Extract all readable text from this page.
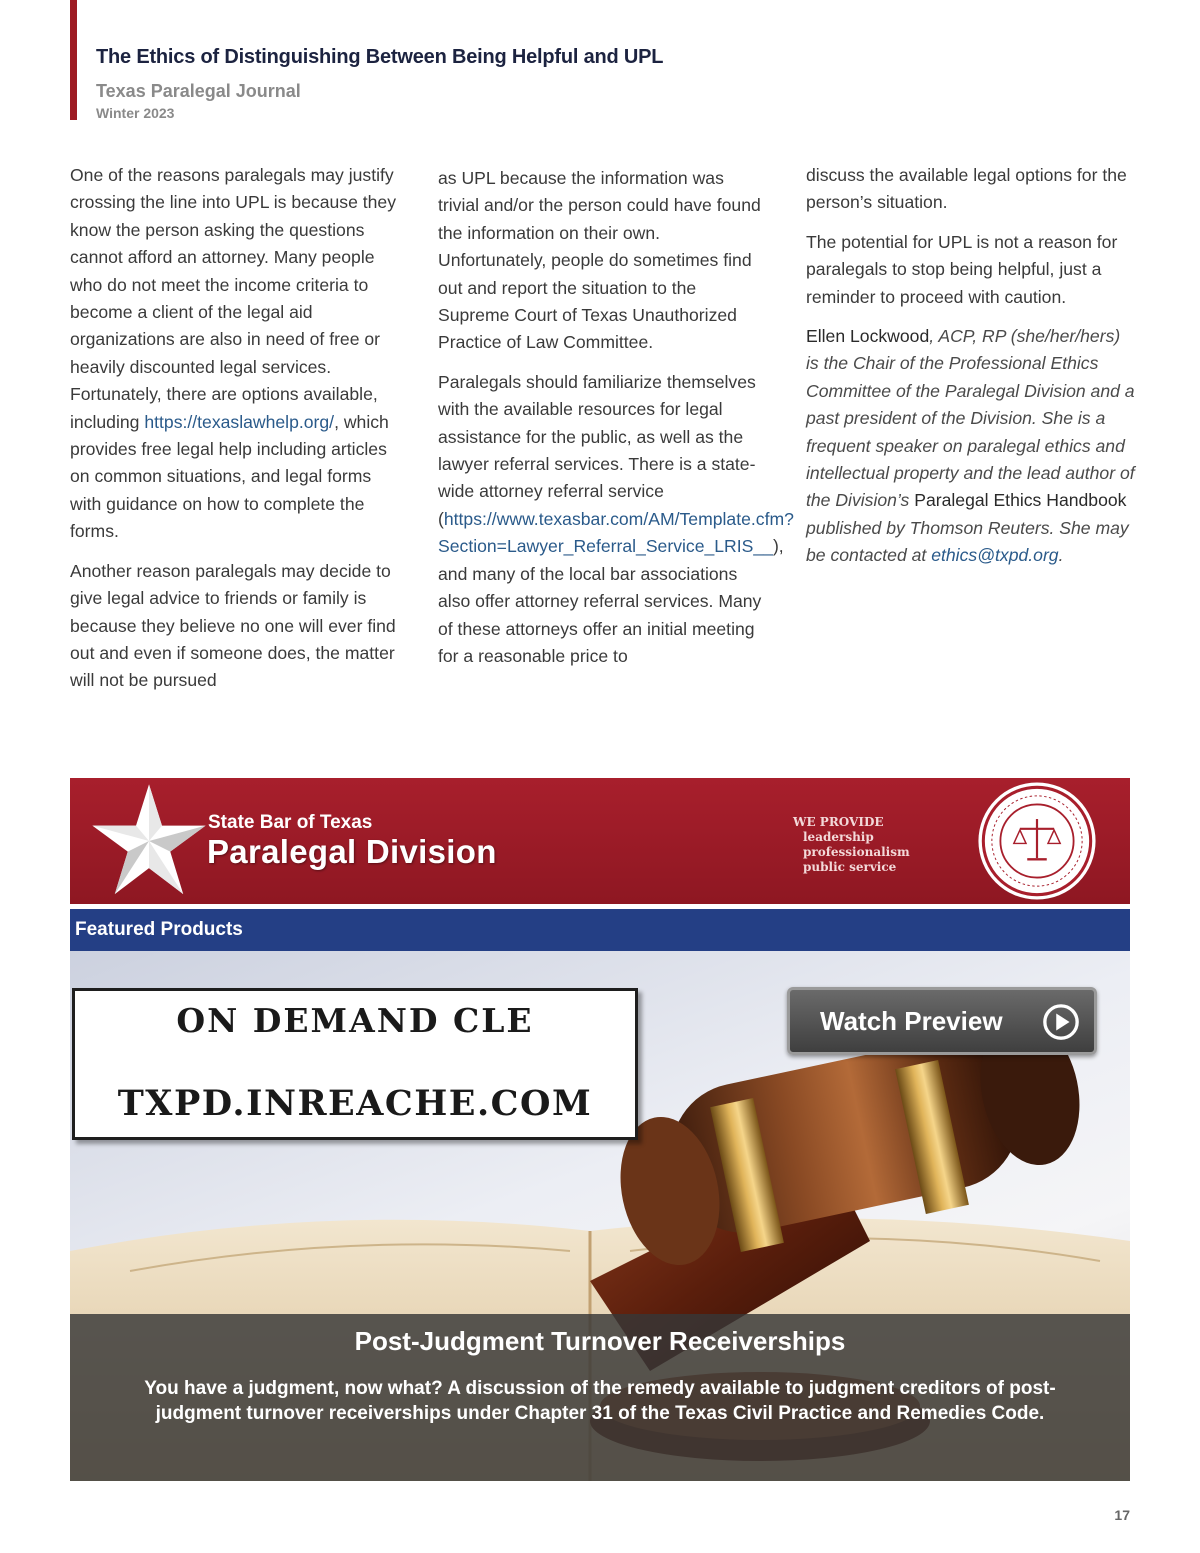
The Ethics of Distinguishing Between Being Helpful and UPL
Texas Paralegal Journal
Winter 2023

One of the reasons paralegals may justify crossing the line into UPL is because they know the person asking the questions cannot afford an attorney. Many people who do not meet the income criteria to become a client of the legal aid organizations are also in need of free or heavily discounted legal services. Fortunately, there are options available, including https://texaslawhelp.org/, which provides free legal help including articles on common situations, and legal forms with guidance on how to complete the forms.

Another reason paralegals may decide to give legal advice to friends or family is because they believe no one will ever find out and even if someone does, the matter will not be pursued

as UPL because the information was trivial and/or the person could have found the information on their own. Unfortunately, people do sometimes find out and report the situation to the Supreme Court of Texas Unauthorized Practice of Law Committee.

Paralegals should familiarize themselves with the available resources for legal assistance for the public, as well as the lawyer referral services. There is a state-wide attorney referral service (https://www.texasbar.com/AM/Template.cfm?Section=Lawyer_Referral_Service_LRIS__), and many of the local bar associations also offer attorney referral services. Many of these attorneys offer an initial meeting for a reasonable price to

discuss the available legal options for the person’s situation.

The potential for UPL is not a reason for paralegals to stop being helpful, just a reminder to proceed with caution.

Ellen Lockwood, ACP, RP (she/her/hers) is the Chair of the Professional Ethics Committee of the Paralegal Division and a past president of the Division. She is a frequent speaker on paralegal ethics and intellectual property and the lead author of the Division’s Paralegal Ethics Handbook published by Thomson Reuters. She may be contacted at ethics@txpd.org.

State Bar of Texas
Paralegal Division
WE PROVIDE
leadership
professionalism
public service
Featured Products
ON DEMAND CLE
TXPD.INREACHE.COM
Watch Preview
Post-Judgment Turnover Receiverships
You have a judgment, now what? A discussion of the remedy available to judgment creditors of post-judgment turnover receiverships under Chapter 31 of the Texas Civil Practice and Remedies Code.
17
